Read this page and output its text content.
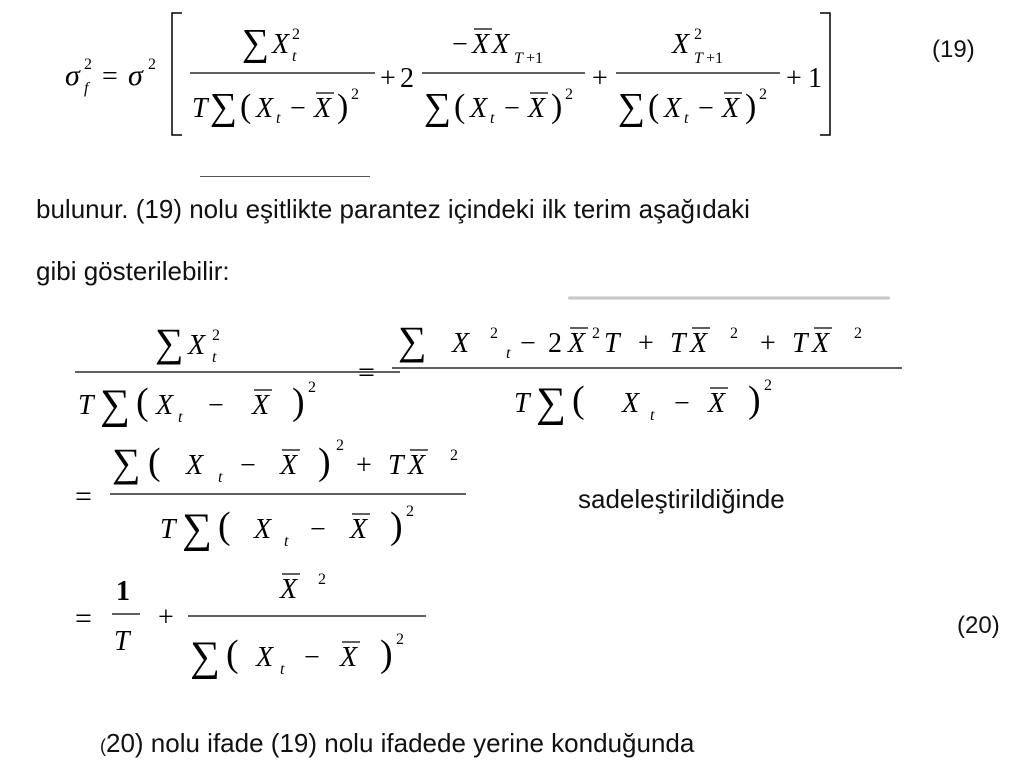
σ 2
f = σ 2
∑ X 2
t
T ∑ ( X t − X ) 2
+ 2
− X X T +1
∑ ( X t − X ) 2
+
X 2
T +1
∑ ( X t − X ) 2
+ 1
(19)
bulunur. (19) nolu eşitlikte parantez içindeki ilk terim aşağıdaki
gibi gösterilebilir:
∑ X 2
t
T ∑ ( X t − X ) 2 =
∑ X 2
t − 2 X 2 T + T X 2 + T X 2
T ∑ ( X t − X ) 2
=
∑ ( X t − X ) 2
+ T X 2
T ∑ ( X t − X ) 2
=
1
T
+
X 2
∑ ( X t − X ) 2
sadeleştirildiğinde
(20)
(20) nolu ifade (19) nolu ifadede yerine konduğunda
